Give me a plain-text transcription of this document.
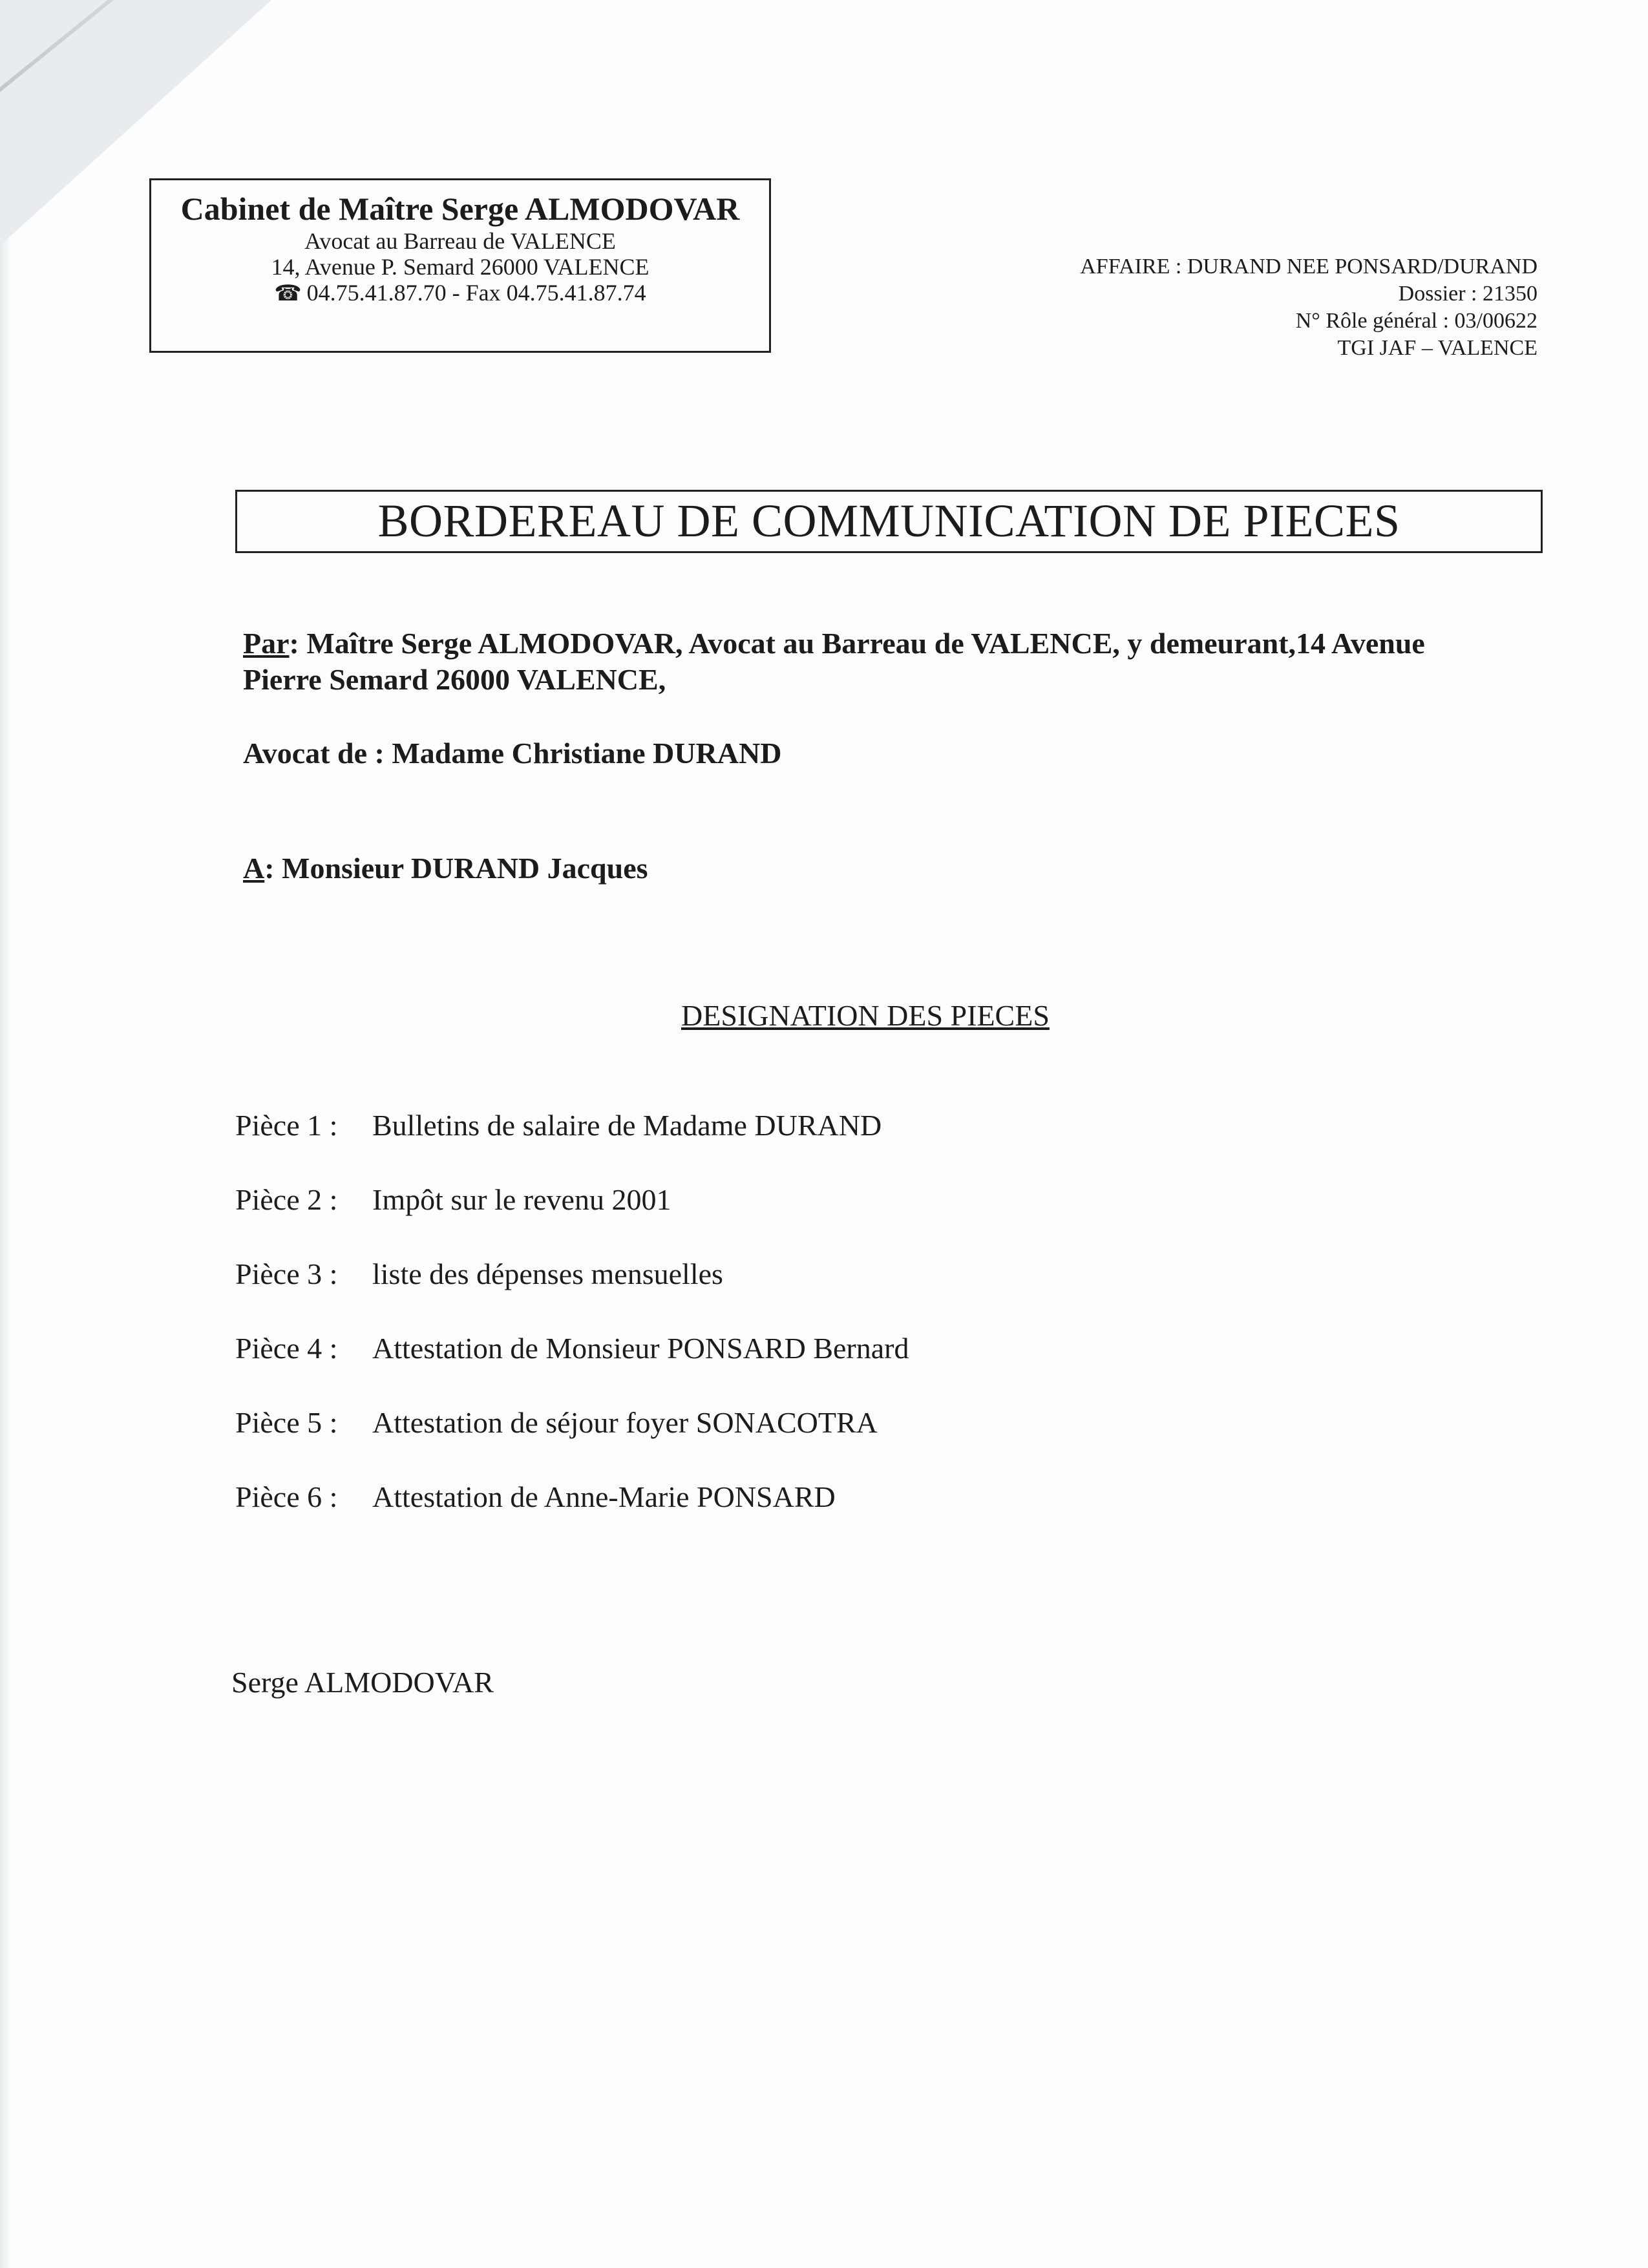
Cabinet de Maître Serge ALMODOVAR
Avocat au Barreau de VALENCE
14, Avenue P. Semard 26000 VALENCE
☎ 04.75.41.87.70 - Fax 04.75.41.87.74
AFFAIRE : DURAND NEE PONSARD/DURAND
Dossier : 21350
N° Rôle général : 03/00622
TGI JAF – VALENCE
BORDEREAU DE COMMUNICATION DE PIECES
Par: Maître Serge ALMODOVAR, Avocat au Barreau de VALENCE, y demeurant,14 Avenue Pierre Semard 26000 VALENCE,
Avocat de : Madame Christiane DURAND
A: Monsieur DURAND Jacques
DESIGNATION DES PIECES
Pièce 1 : Bulletins de salaire de Madame DURAND
Pièce 2 : Impôt sur le revenu 2001
Pièce 3 : liste des dépenses mensuelles
Pièce 4 : Attestation de Monsieur PONSARD Bernard
Pièce 5 : Attestation de séjour foyer SONACOTRA
Pièce 6 : Attestation de Anne-Marie PONSARD
Serge ALMODOVAR
